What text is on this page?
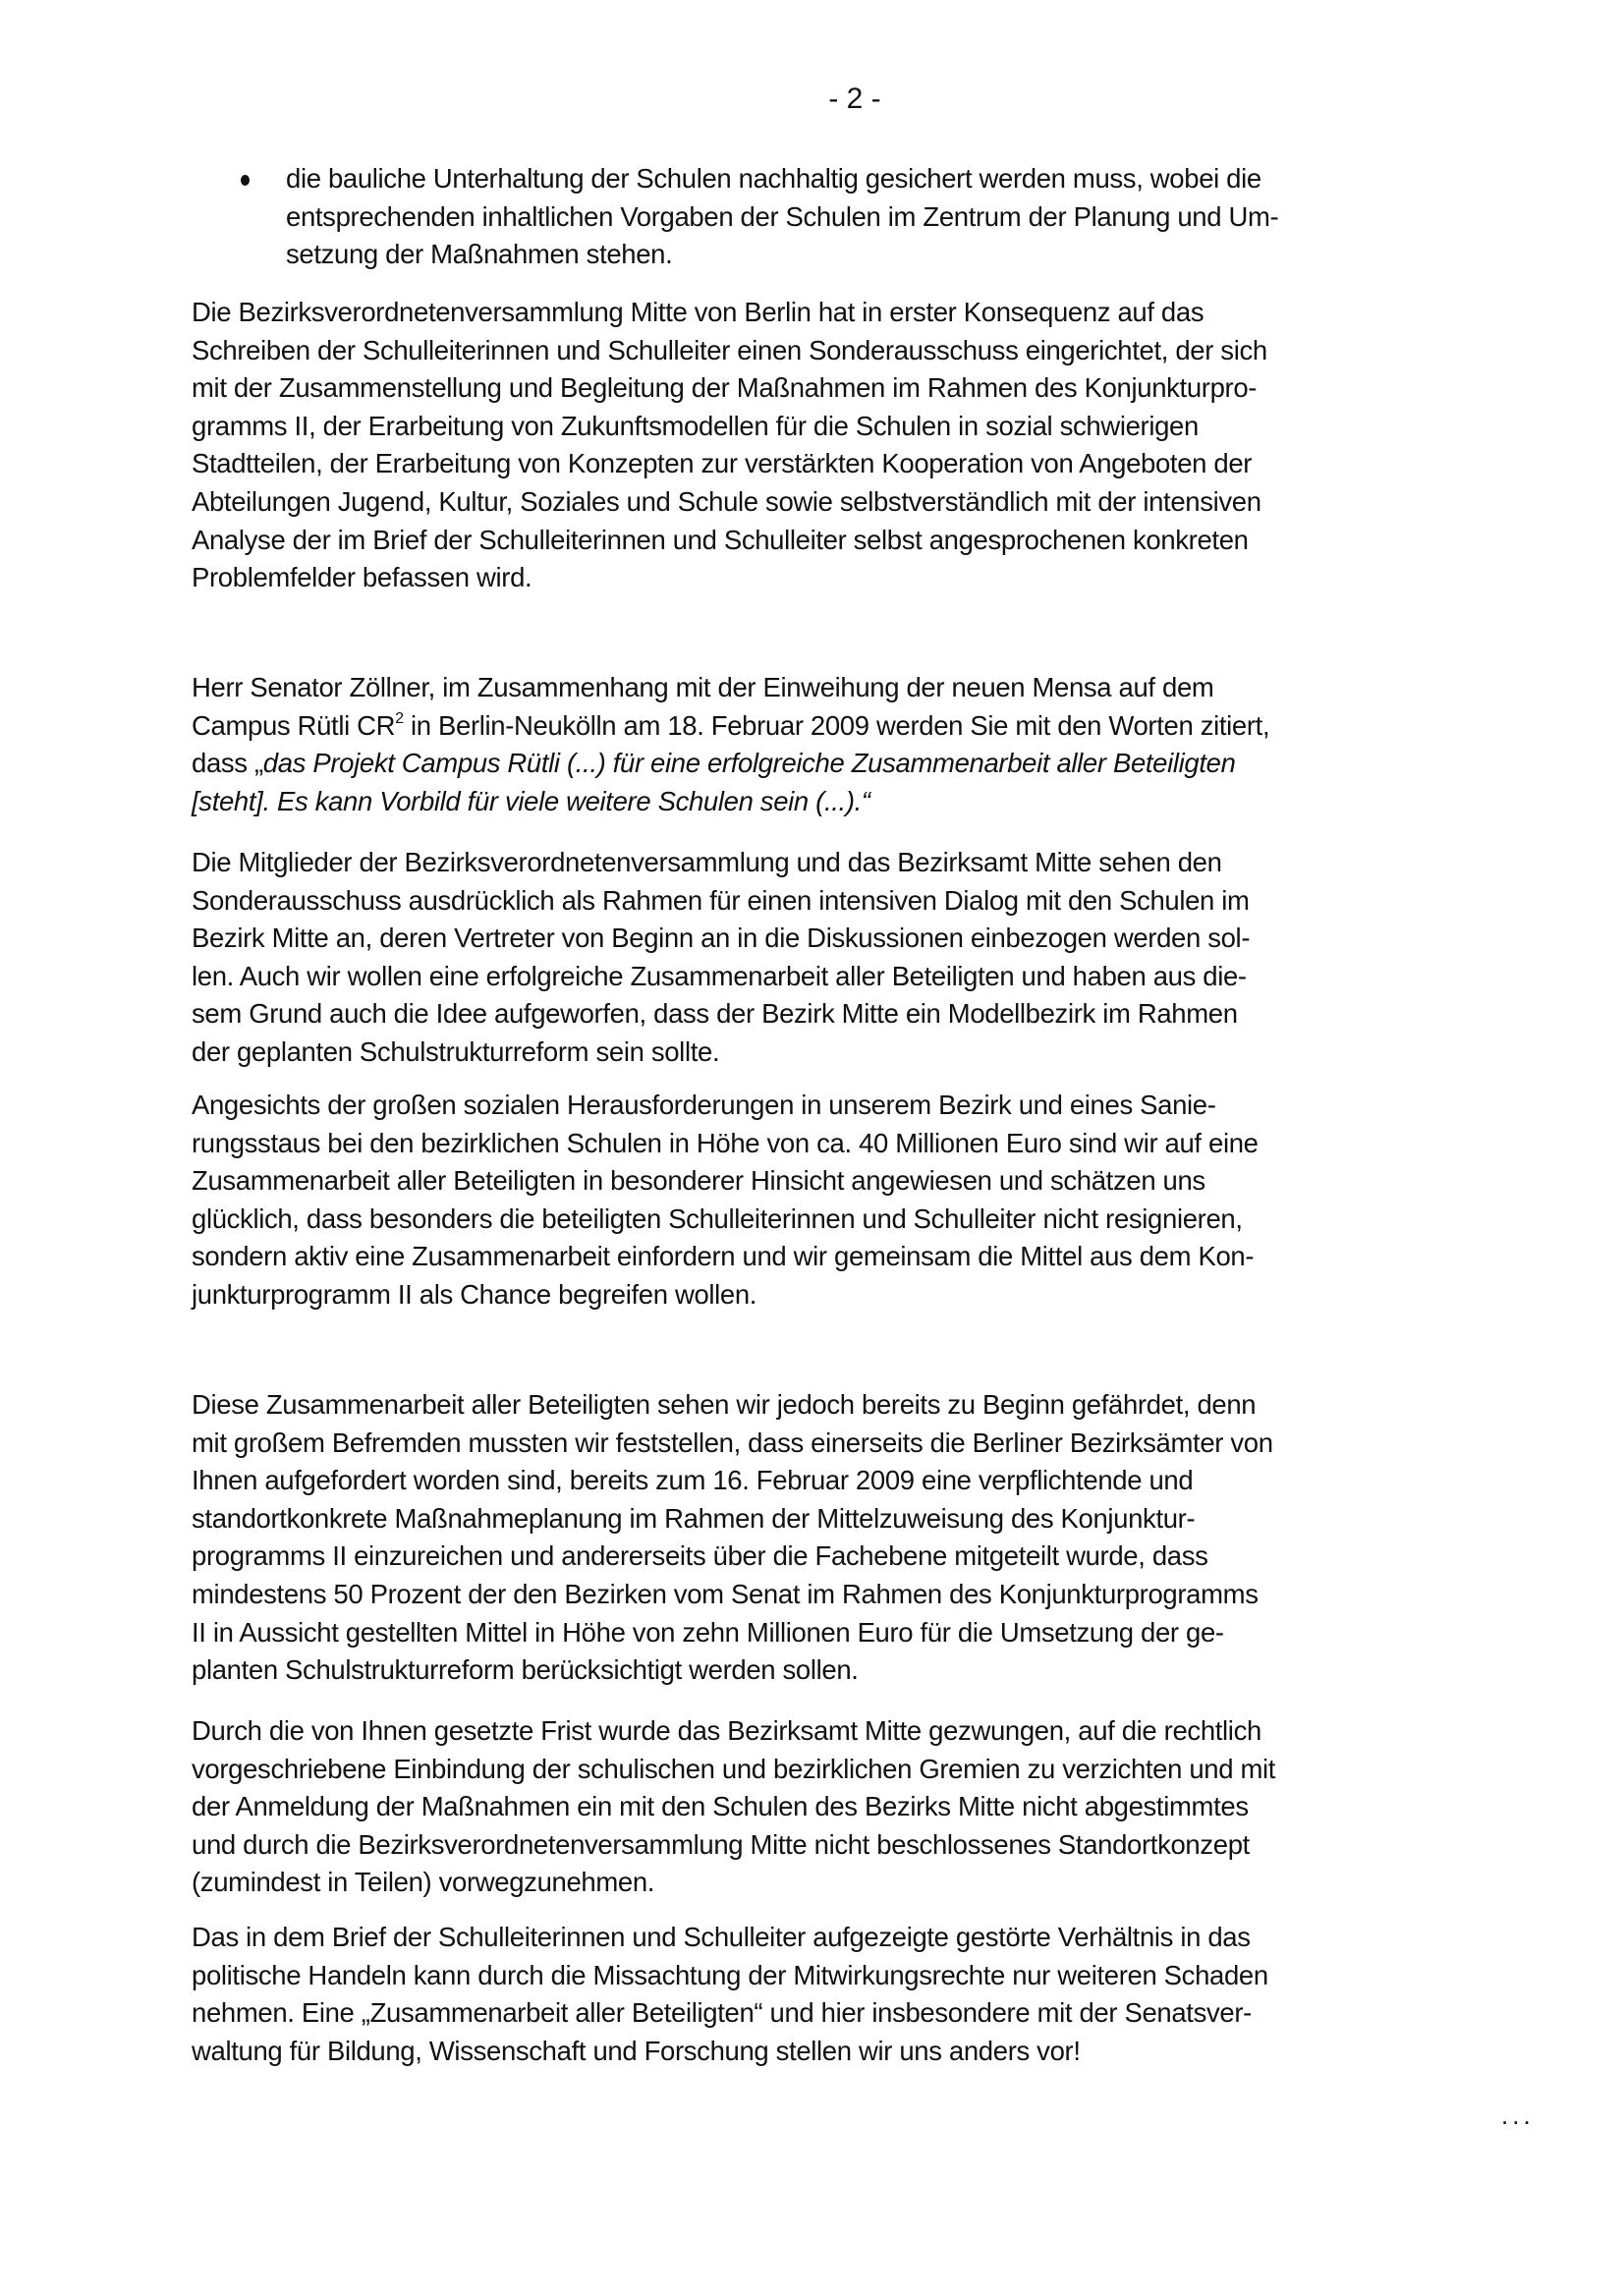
- 2 -
die bauliche Unterhaltung der Schulen nachhaltig gesichert werden muss, wobei die
entsprechenden inhaltlichen Vorgaben der Schulen im Zentrum der Planung und Um-
setzung der Maßnahmen stehen.
Die Bezirksverordnetenversammlung Mitte von Berlin hat in erster Konsequenz auf das
Schreiben der Schulleiterinnen und Schulleiter einen Sonderausschuss eingerichtet, der sich
mit der Zusammenstellung und Begleitung der Maßnahmen im Rahmen des Konjunkturpro-
gramms II, der Erarbeitung von Zukunftsmodellen für die Schulen in sozial schwierigen
Stadtteilen, der Erarbeitung von Konzepten zur verstärkten Kooperation von Angeboten der
Abteilungen Jugend, Kultur, Soziales und Schule sowie selbstverständlich mit der intensiven
Analyse der im Brief der Schulleiterinnen und Schulleiter selbst angesprochenen konkreten
Problemfelder befassen wird.
Herr Senator Zöllner, im Zusammenhang mit der Einweihung der neuen Mensa auf dem
Campus Rütli $CR^2$ in Berlin-Neukölln am 18. Februar 2009 werden Sie mit den Worten zitiert,
dass „das Projekt Campus Rütli (...) für eine erfolgreiche Zusammenarbeit aller Beteiligten
[steht]. Es kann Vorbild für viele weitere Schulen sein (...).“
Die Mitglieder der Bezirksverordnetenversammlung und das Bezirksamt Mitte sehen den
Sonderausschuss ausdrücklich als Rahmen für einen intensiven Dialog mit den Schulen im
Bezirk Mitte an, deren Vertreter von Beginn an in die Diskussionen einbezogen werden sol-
len. Auch wir wollen eine erfolgreiche Zusammenarbeit aller Beteiligten und haben aus die-
sem Grund auch die Idee aufgeworfen, dass der Bezirk Mitte ein Modellbezirk im Rahmen
der geplanten Schulstrukturreform sein sollte.
Angesichts der großen sozialen Herausforderungen in unserem Bezirk und eines Sanie-
rungsstaus bei den bezirklichen Schulen in Höhe von ca. 40 Millionen Euro sind wir auf eine
Zusammenarbeit aller Beteiligten in besonderer Hinsicht angewiesen und schätzen uns
glücklich, dass besonders die beteiligten Schulleiterinnen und Schulleiter nicht resignieren,
sondern aktiv eine Zusammenarbeit einfordern und wir gemeinsam die Mittel aus dem Kon-
junkturprogramm II als Chance begreifen wollen.
Diese Zusammenarbeit aller Beteiligten sehen wir jedoch bereits zu Beginn gefährdet, denn
mit großem Befremden mussten wir feststellen, dass einerseits die Berliner Bezirksämter von
Ihnen aufgefordert worden sind, bereits zum 16. Februar 2009 eine verpflichtende und
standortkonkrete Maßnahmeplanung im Rahmen der Mittelzuweisung des Konjunktur-
programms II einzureichen und andererseits über die Fachebene mitgeteilt wurde, dass
mindestens 50 Prozent der den Bezirken vom Senat im Rahmen des Konjunkturprogramms
II in Aussicht gestellten Mittel in Höhe von zehn Millionen Euro für die Umsetzung der ge-
planten Schulstrukturreform berücksichtigt werden sollen.
Durch die von Ihnen gesetzte Frist wurde das Bezirksamt Mitte gezwungen, auf die rechtlich
vorgeschriebene Einbindung der schulischen und bezirklichen Gremien zu verzichten und mit
der Anmeldung der Maßnahmen ein mit den Schulen des Bezirks Mitte nicht abgestimmtes
und durch die Bezirksverordnetenversammlung Mitte nicht beschlossenes Standortkonzept
(zumindest in Teilen) vorwegzunehmen.
Das in dem Brief der Schulleiterinnen und Schulleiter aufgezeigte gestörte Verhältnis in das
politische Handeln kann durch die Missachtung der Mitwirkungsrechte nur weiteren Schaden
nehmen. Eine „Zusammenarbeit aller Beteiligten“ und hier insbesondere mit der Senatsver-
waltung für Bildung, Wissenschaft und Forschung stellen wir uns anders vor!
...
